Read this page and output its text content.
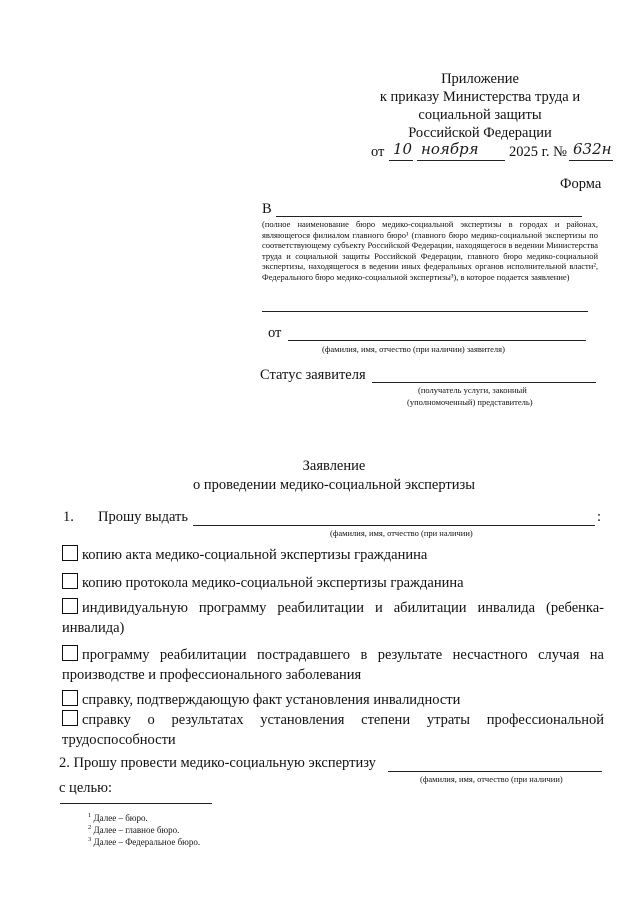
Приложение
к приказу Министерства труда и
социальной защиты
Российской Федерации
от 10 ноября 2025 г. № 632н
Форма
В
(полное наименование бюро медико-социальной экспертизы в городах и районах, являющегося филиалом главного бюро¹ (главного бюро медико-социальной экспертизы по соответствующему субъекту Российской Федерации, находящегося в ведении Министерства труда и социальной защиты Российской Федерации, главного бюро медико-социальной экспертизы, находящегося в ведении иных федеральных органов исполнительной власти², Федерального бюро медико-социальной экспертизы³), в которое подается заявление)
от
(фамилия, имя, отчество (при наличии) заявителя)
Статус заявителя
(получатель услуги, законный
(уполномоченный) представитель)
Заявление
о проведении медико-социальной экспертизы
1. Прошу выдать	:
(фамилия, имя, отчество (при наличии)
копию акта медико-социальной экспертизы гражданина
копию протокола медико-социальной экспертизы гражданина
индивидуальную программу реабилитации и абилитации инвалида (ребенка-инвалида)
программу реабилитации пострадавшего в результате несчастного случая на производстве и профессионального заболевания
справку, подтверждающую факт установления инвалидности
справку о результатах установления степени утраты профессиональной трудоспособности
2. Прошу провести медико-социальную экспертизу
(фамилия, имя, отчество (при наличии)
с целью:
$^1$ Далее – бюро.
$^2$ Далее – главное бюро.
$^3$ Далее – Федеральное бюро.
